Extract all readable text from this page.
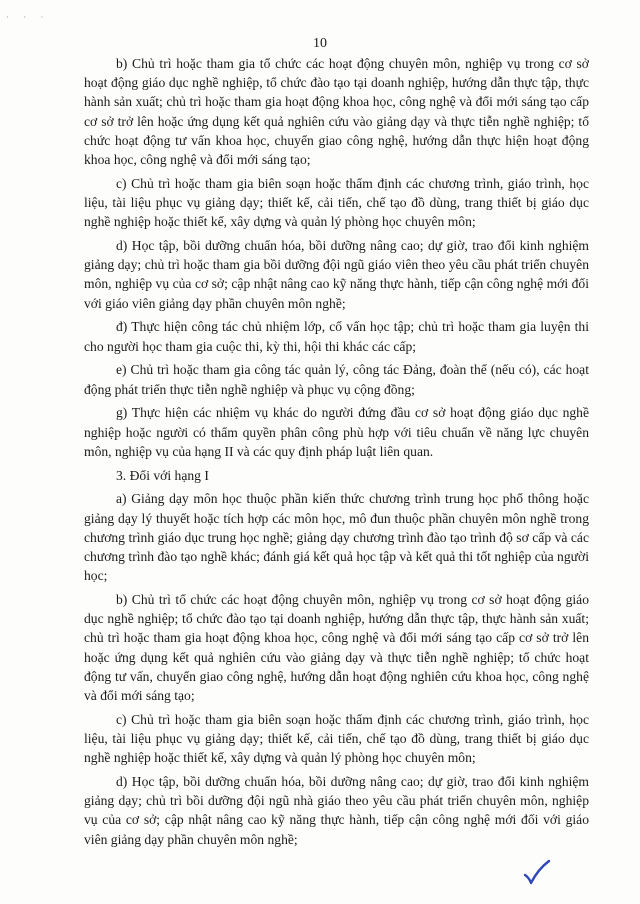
· · ·
10

b) Chủ trì hoặc tham gia tổ chức các hoạt động chuyên môn, nghiệp vụ trong cơ sở hoạt động giáo dục nghề nghiệp, tổ chức đào tạo tại doanh nghiệp, hướng dẫn thực tập, thực hành sản xuất; chủ trì hoặc tham gia hoạt động khoa học, công nghệ và đổi mới sáng tạo cấp cơ sở trở lên hoặc ứng dụng kết quả nghiên cứu vào giảng dạy và thực tiễn nghề nghiệp; tổ chức hoạt động tư vấn khoa học, chuyển giao công nghệ, hướng dẫn thực hiện hoạt động khoa học, công nghệ và đổi mới sáng tạo;

c) Chủ trì hoặc tham gia biên soạn hoặc thẩm định các chương trình, giáo trình, học liệu, tài liệu phục vụ giảng dạy; thiết kế, cải tiến, chế tạo đồ dùng, trang thiết bị giáo dục nghề nghiệp hoặc thiết kế, xây dựng và quản lý phòng học chuyên môn;

d) Học tập, bồi dưỡng chuẩn hóa, bồi dưỡng nâng cao; dự giờ, trao đổi kinh nghiệm giảng dạy; chủ trì hoặc tham gia bồi dưỡng đội ngũ giáo viên theo yêu cầu phát triển chuyên môn, nghiệp vụ của cơ sở; cập nhật nâng cao kỹ năng thực hành, tiếp cận công nghệ mới đối với giáo viên giảng dạy phần chuyên môn nghề;

đ) Thực hiện công tác chủ nhiệm lớp, cố vấn học tập; chủ trì hoặc tham gia luyện thi cho người học tham gia cuộc thi, kỳ thi, hội thi khác các cấp;

e) Chủ trì hoặc tham gia công tác quản lý, công tác Đảng, đoàn thể (nếu có), các hoạt động phát triển thực tiễn nghề nghiệp và phục vụ cộng đồng;

g) Thực hiện các nhiệm vụ khác do người đứng đầu cơ sở hoạt động giáo dục nghề nghiệp hoặc người có thẩm quyền phân công phù hợp với tiêu chuẩn về năng lực chuyên môn, nghiệp vụ của hạng II và các quy định pháp luật liên quan.

3. Đối với hạng I

a) Giảng dạy môn học thuộc phần kiến thức chương trình trung học phổ thông hoặc giảng dạy lý thuyết hoặc tích hợp các môn học, mô đun thuộc phần chuyên môn nghề trong chương trình giáo dục trung học nghề; giảng dạy chương trình đào tạo trình độ sơ cấp và các chương trình đào tạo nghề khác; đánh giá kết quả học tập và kết quả thi tốt nghiệp của người học;

b) Chủ trì tổ chức các hoạt động chuyên môn, nghiệp vụ trong cơ sở hoạt động giáo dục nghề nghiệp; tổ chức đào tạo tại doanh nghiệp, hướng dẫn thực tập, thực hành sản xuất; chủ trì hoặc tham gia hoạt động khoa học, công nghệ và đổi mới sáng tạo cấp cơ sở trở lên hoặc ứng dụng kết quả nghiên cứu vào giảng dạy và thực tiễn nghề nghiệp; tổ chức hoạt động tư vấn, chuyển giao công nghệ, hướng dẫn hoạt động nghiên cứu khoa học, công nghệ và đổi mới sáng tạo;

c) Chủ trì hoặc tham gia biên soạn hoặc thẩm định các chương trình, giáo trình, học liệu, tài liệu phục vụ giảng dạy; thiết kế, cải tiến, chế tạo đồ dùng, trang thiết bị giáo dục nghề nghiệp hoặc thiết kế, xây dựng và quản lý phòng học chuyên môn;

d) Học tập, bồi dưỡng chuẩn hóa, bồi dưỡng nâng cao; dự giờ, trao đổi kinh nghiệm giảng dạy; chủ trì bồi dưỡng đội ngũ nhà giáo theo yêu cầu phát triển chuyên môn, nghiệp vụ của cơ sở; cập nhật nâng cao kỹ năng thực hành, tiếp cận công nghệ mới đối với giáo viên giảng dạy phần chuyên môn nghề;
